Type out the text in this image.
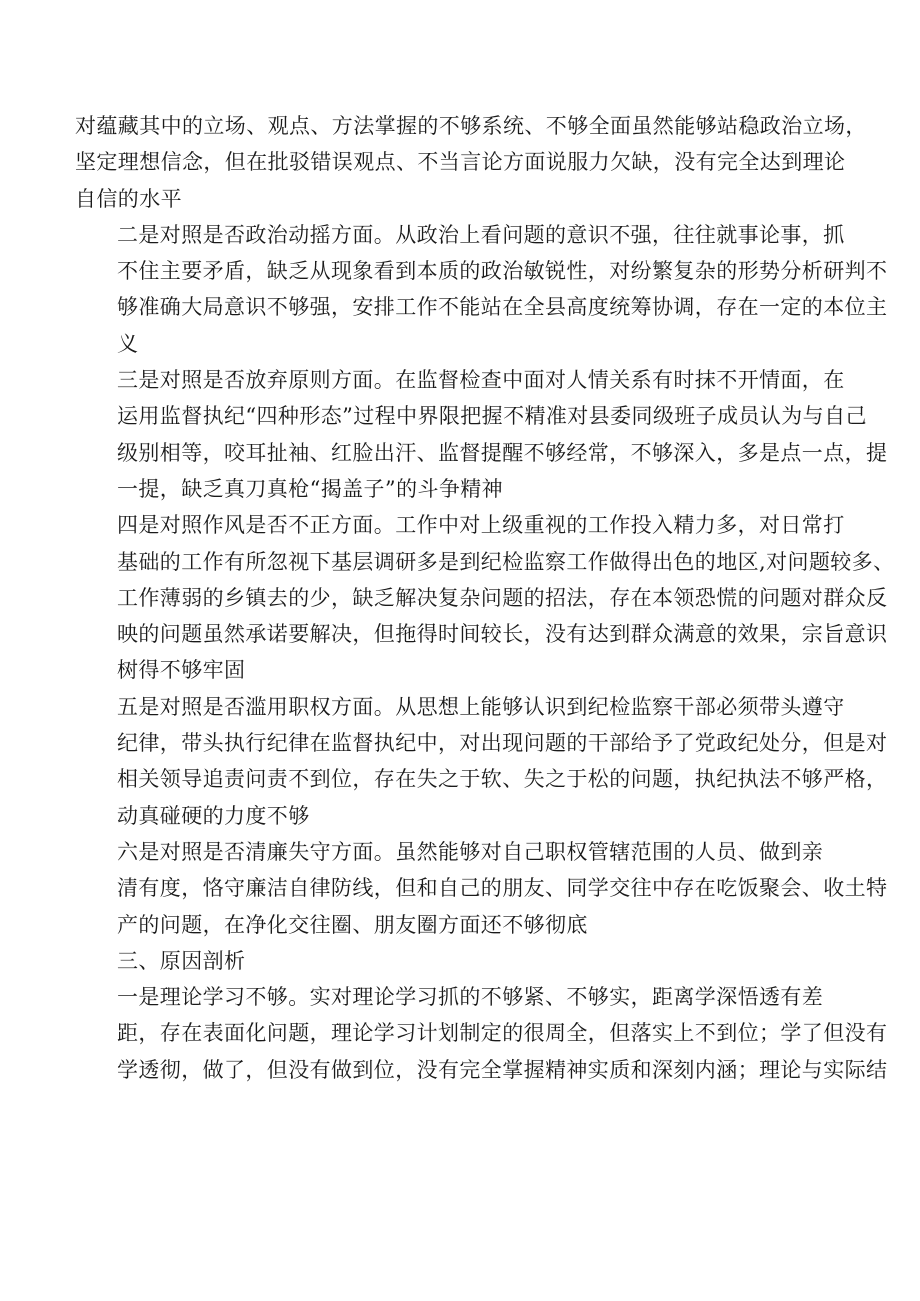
对蕴藏其中的立场、观点、方法掌握的不够系统、不够全面虽然能够站稳政治立场，
坚定理想信念，但在批驳错误观点、不当言论方面说服力欠缺，没有完全达到理论
自信的水平

二是对照是否政治动摇方面。从政治上看问题的意识不强，往往就事论事，抓
不住主要矛盾，缺乏从现象看到本质的政治敏锐性，对纷繁复杂的形势分析研判不
够准确大局意识不够强，安排工作不能站在全县高度统筹协调，存在一定的本位主
义

三是对照是否放弃原则方面。在监督检查中面对人情关系有时抹不开情面，在
运用监督执纪“四种形态”过程中界限把握不精准对县委同级班子成员认为与自己
级别相等，咬耳扯袖、红脸出汗、监督提醒不够经常，不够深入，多是点一点，提
一提，缺乏真刀真枪“揭盖子”的斗争精神

四是对照作风是否不正方面。工作中对上级重视的工作投入精力多，对日常打
基础的工作有所忽视下基层调研多是到纪检监察工作做得出色的地区,对问题较多、
工作薄弱的乡镇去的少，缺乏解决复杂问题的招法，存在本领恐慌的问题对群众反
映的问题虽然承诺要解决，但拖得时间较长，没有达到群众满意的效果，宗旨意识
树得不够牢固

五是对照是否滥用职权方面。从思想上能够认识到纪检监察干部必须带头遵守
纪律，带头执行纪律在监督执纪中，对出现问题的干部给予了党政纪处分，但是对
相关领导追责问责不到位，存在失之于软、失之于松的问题，执纪执法不够严格，
动真碰硬的力度不够

六是对照是否清廉失守方面。虽然能够对自己职权管辖范围的人员、做到亲
清有度，恪守廉洁自律防线，但和自己的朋友、同学交往中存在吃饭聚会、收土特
产的问题，在净化交往圈、朋友圈方面还不够彻底

三、原因剖析

一是理论学习不够。实对理论学习抓的不够紧、不够实，距离学深悟透有差
距，存在表面化问题，理论学习计划制定的很周全，但落实上不到位；学了但没有
学透彻，做了，但没有做到位，没有完全掌握精神实质和深刻内涵；理论与实际结
